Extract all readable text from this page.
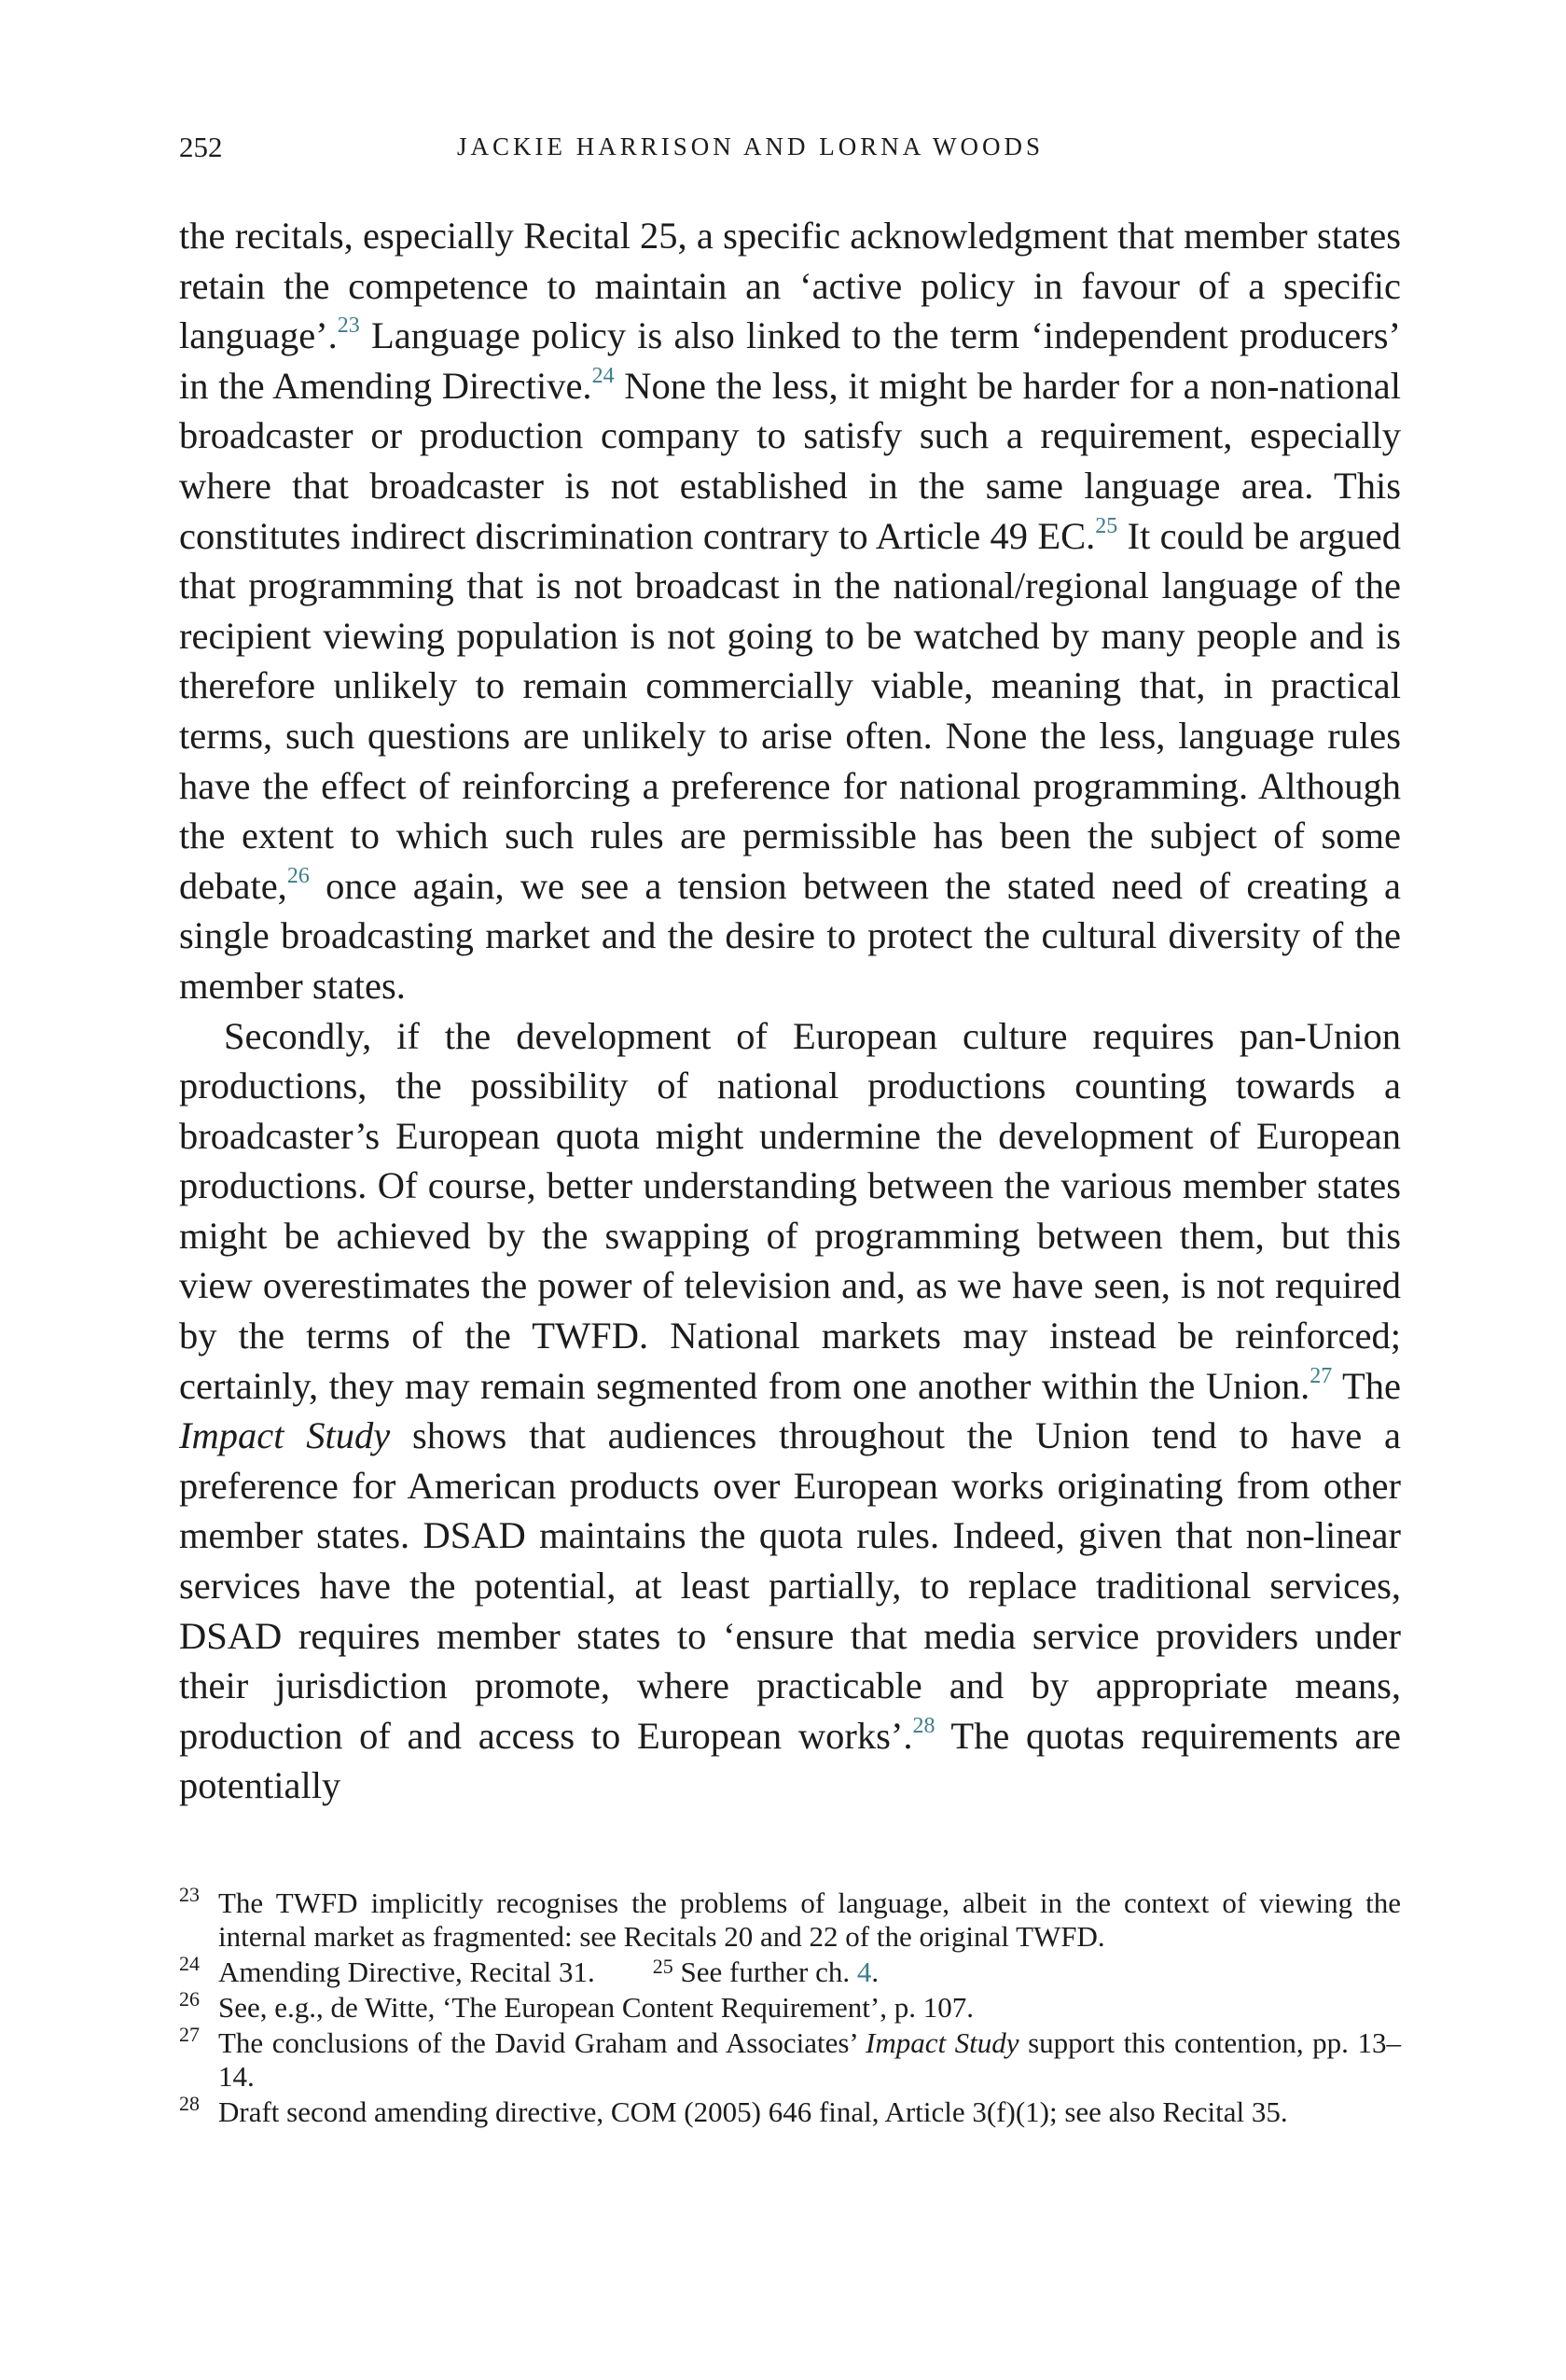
252	JACKIE HARRISON AND LORNA WOODS

the recitals, especially Recital 25, a specific acknowledgment that member states retain the competence to maintain an ‘active policy in favour of a specific language’.$^{23}$ Language policy is also linked to the term ‘independent producers’ in the Amending Directive.$^{24}$ None the less, it might be harder for a non-national broadcaster or production company to satisfy such a requirement, especially where that broadcaster is not established in the same language area. This constitutes indirect discrimination contrary to Article 49 EC.$^{25}$ It could be argued that programming that is not broadcast in the national/regional language of the recipient viewing population is not going to be watched by many people and is therefore unlikely to remain commercially viable, meaning that, in practical terms, such questions are unlikely to arise often. None the less, language rules have the effect of reinforcing a preference for national programming. Although the extent to which such rules are permissible has been the subject of some debate,$^{26}$ once again, we see a tension between the stated need of creating a single broadcasting market and the desire to protect the cultural diversity of the member states.

Secondly, if the development of European culture requires pan-Union productions, the possibility of national productions counting towards a broadcaster’s European quota might undermine the development of European productions. Of course, better understanding between the various member states might be achieved by the swapping of programming between them, but this view overestimates the power of television and, as we have seen, is not required by the terms of the TWFD. National markets may instead be reinforced; certainly, they may remain segmented from one another within the Union.$^{27}$ The Impact Study shows that audiences throughout the Union tend to have a preference for American products over European works originating from other member states. DSAD maintains the quota rules. Indeed, given that non-linear services have the potential, at least partially, to replace traditional services, DSAD requires member states to ‘ensure that media service providers under their jurisdiction promote, where practicable and by appropriate means, production of and access to European works’.$^{28}$ The quotas requirements are potentially

23 The TWFD implicitly recognises the problems of language, albeit in the context of viewing the internal market as fragmented: see Recitals 20 and 22 of the original TWFD.
24 Amending Directive, Recital 31.	$^{25}$ See further ch. 4.
26 See, e.g., de Witte, ‘The European Content Requirement’, p. 107.
27 The conclusions of the David Graham and Associates’ Impact Study support this contention, pp. 13–14.
28 Draft second amending directive, COM (2005) 646 final, Article 3(f)(1); see also Recital 35.
